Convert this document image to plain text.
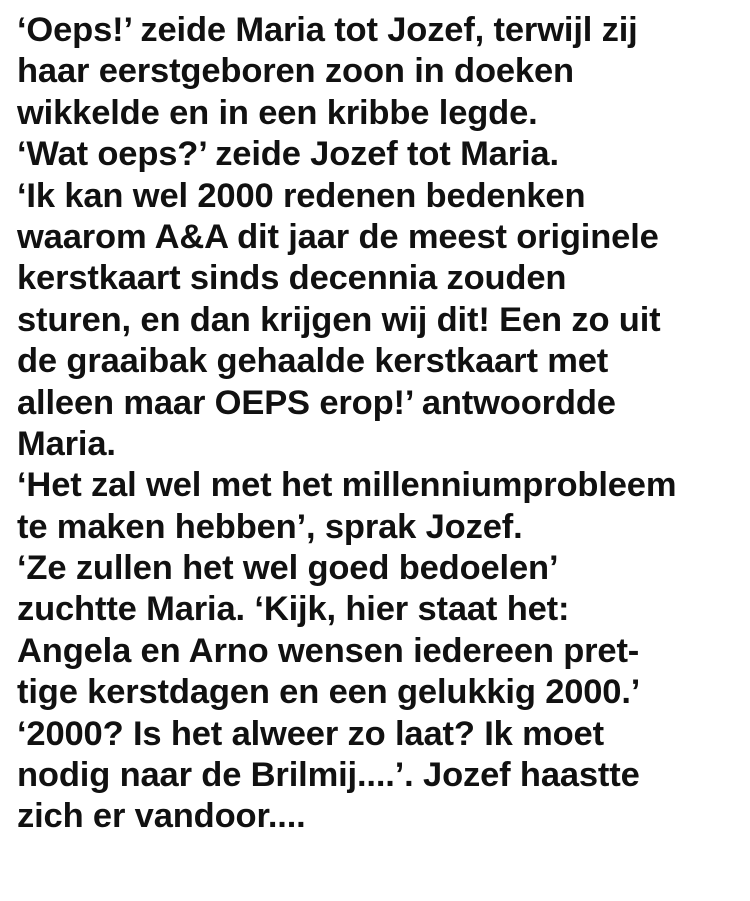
‘Oeps!’ zeide Maria tot Jozef, terwijl zij
haar eerstgeboren zoon in doeken
wikkelde en in een kribbe legde.
‘Wat oeps?’ zeide Jozef tot Maria.
‘Ik kan wel 2000 redenen bedenken
waarom A&A dit jaar de meest originele
kerstkaart sinds decennia zouden
sturen, en dan krijgen wij dit! Een zo uit
de graaibak gehaalde kerstkaart met
alleen maar OEPS erop!’ antwoordde
Maria.
‘Het zal wel met het millenniumprobleem
te maken hebben’, sprak Jozef.
‘Ze zullen het wel goed bedoelen’
zuchtte Maria. ‘Kijk, hier staat het:
Angela en Arno wensen iedereen pret-
tige kerstdagen en een gelukkig 2000.’
‘2000? Is het alweer zo laat? Ik moet
nodig naar de Brilmij....’. Jozef haastte
zich er vandoor....
